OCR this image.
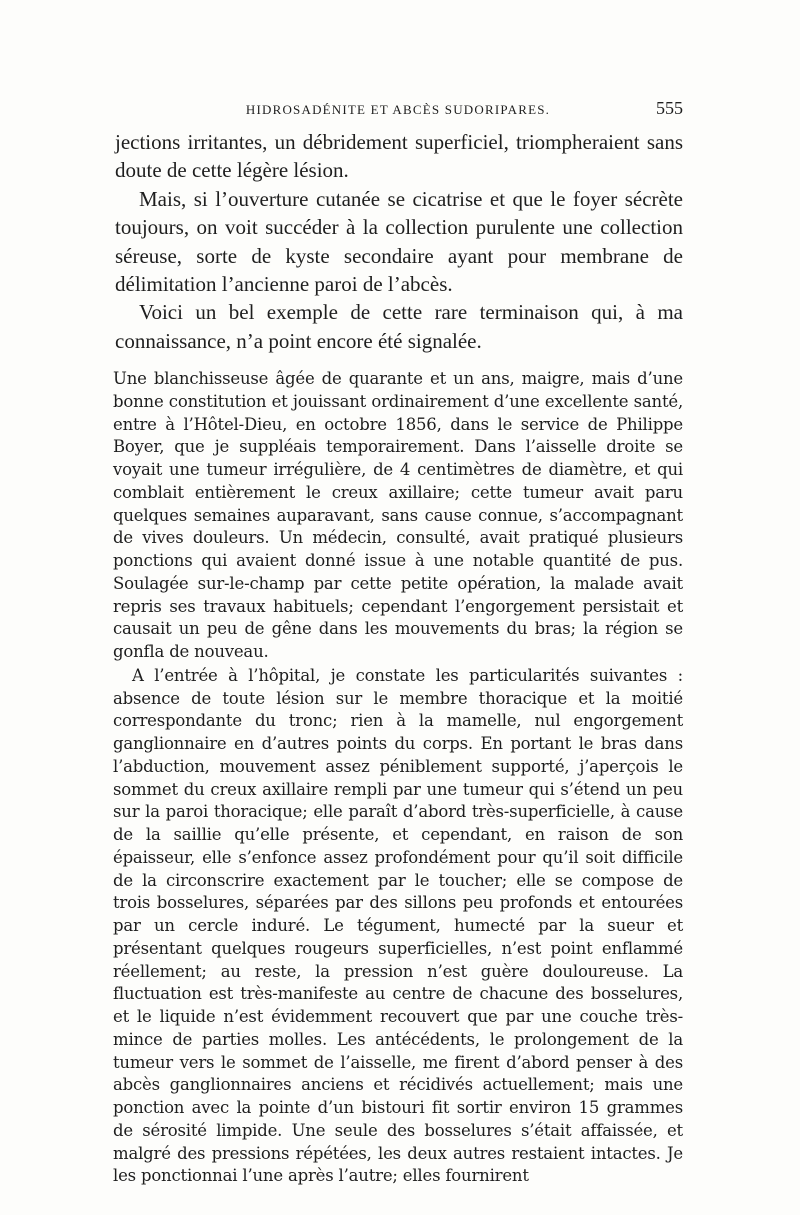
HIDROSADÉNITE ET ABCÈS SUDORIPARES.	555

jections irritantes, un débridement superficiel, triompheraient sans doute de cette légère lésion.

Mais, si l’ouverture cutanée se cicatrise et que le foyer sécrète toujours, on voit succéder à la collection purulente une collection séreuse, sorte de kyste secondaire ayant pour membrane de délimitation l’ancienne paroi de l’abcès.

Voici un bel exemple de cette rare terminaison qui, à ma connaissance, n’a point encore été signalée.

Une blanchisseuse âgée de quarante et un ans, maigre, mais d’une bonne constitution et jouissant ordinairement d’une excellente santé, entre à l’Hôtel-Dieu, en octobre 1856, dans le service de Philippe Boyer, que je suppléais temporairement. Dans l’aisselle droite se voyait une tumeur irrégulière, de 4 centimètres de diamètre, et qui comblait entièrement le creux axillaire; cette tumeur avait paru quelques semaines auparavant, sans cause connue, s’accompagnant de vives douleurs. Un médecin, consulté, avait pratiqué plusieurs ponctions qui avaient donné issue à une notable quantité de pus. Soulagée sur-le-champ par cette petite opération, la malade avait repris ses travaux habituels; cependant l’engorgement persistait et causait un peu de gêne dans les mouvements du bras; la région se gonfla de nouveau.

A l’entrée à l’hôpital, je constate les particularités suivantes : absence de toute lésion sur le membre thoracique et la moitié correspondante du tronc; rien à la mamelle, nul engorgement ganglionnaire en d’autres points du corps. En portant le bras dans l’abduction, mouvement assez péniblement supporté, j’aperçois le sommet du creux axillaire rempli par une tumeur qui s’étend un peu sur la paroi thoracique; elle paraît d’abord très-superficielle, à cause de la saillie qu’elle présente, et cependant, en raison de son épaisseur, elle s’enfonce assez profondément pour qu’il soit difficile de la circonscrire exactement par le toucher; elle se compose de trois bosselures, séparées par des sillons peu profonds et entourées par un cercle induré. Le tégument, humecté par la sueur et présentant quelques rougeurs superficielles, n’est point enflammé réellement; au reste, la pression n’est guère douloureuse. La fluctuation est très-manifeste au centre de chacune des bosselures, et le liquide n’est évidemment recouvert que par une couche très-mince de parties molles. Les antécédents, le prolongement de la tumeur vers le sommet de l’aisselle, me firent d’abord penser à des abcès ganglionnaires anciens et récidivés actuellement; mais une ponction avec la pointe d’un bistouri fit sortir environ 15 grammes de sérosité limpide. Une seule des bosselures s’était affaissée, et malgré des pressions répétées, les deux autres restaient intactes. Je les ponctionnai l’une après l’autre; elles fournirent
